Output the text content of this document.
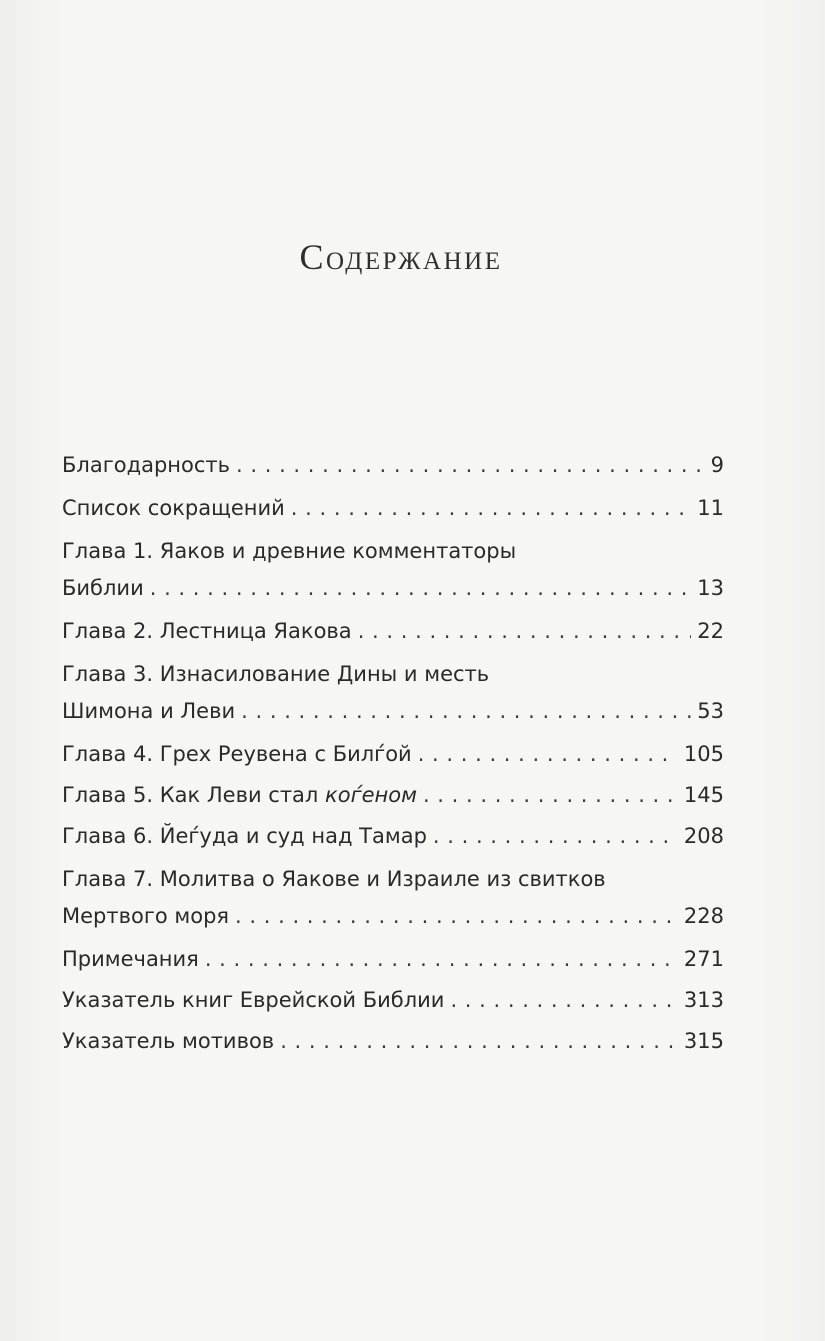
Содержание
Благодарность . . .	9
Список сокращений . . .	11
Глава 1. Яаков и древние комментаторы
Библии . . .	13
Глава 2. Лестница Яакова . . .	22
Глава 3. Изнасилование Дины и месть
Шимона и Леви . . .	53
Глава 4. Грех Реувена с Билѓой . . .	105
Глава 5. Как Леви стал коѓеном . . .	145
Глава 6. Йеѓуда и суд над Тамар . . .	208
Глава 7. Молитва о Яакове и Израиле из свитков
Мертвого моря . . .	228
Примечания . . .	271
Указатель книг Еврейской Библии . . .	313
Указатель мотивов . . .	315
